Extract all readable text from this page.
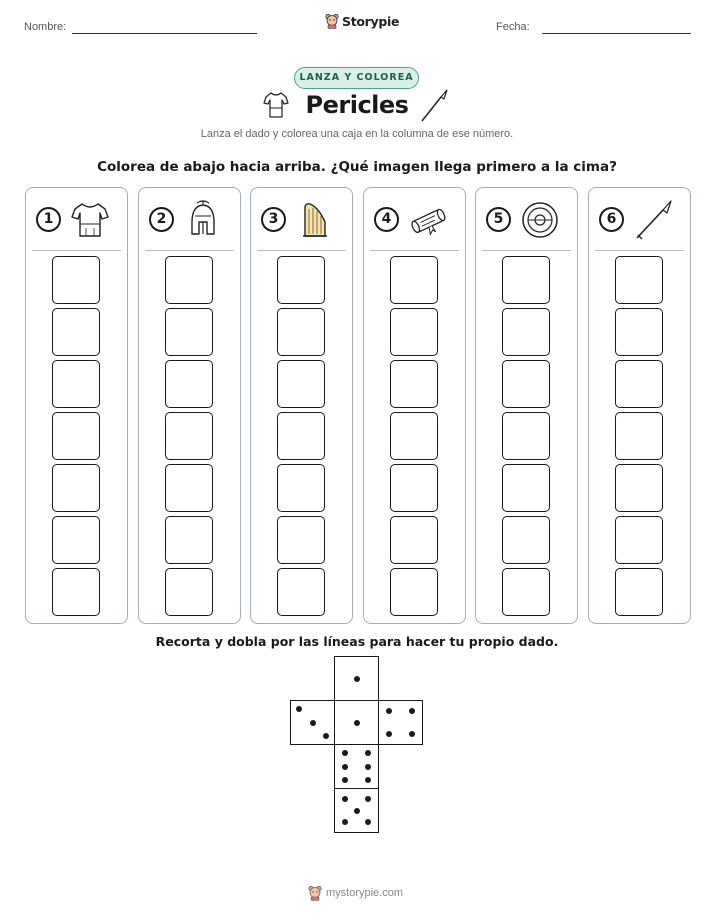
Nombre:	Storypie	Fecha:
LANZA Y COLOREA
Pericles
Lanza el dado y colorea una caja en la columna de ese número.
Colorea de abajo hacia arriba. ¿Qué imagen llega primero a la cima?
1	2	3	4	5	6
Recorta y dobla por las líneas para hacer tu propio dado.
mystorypie.com
